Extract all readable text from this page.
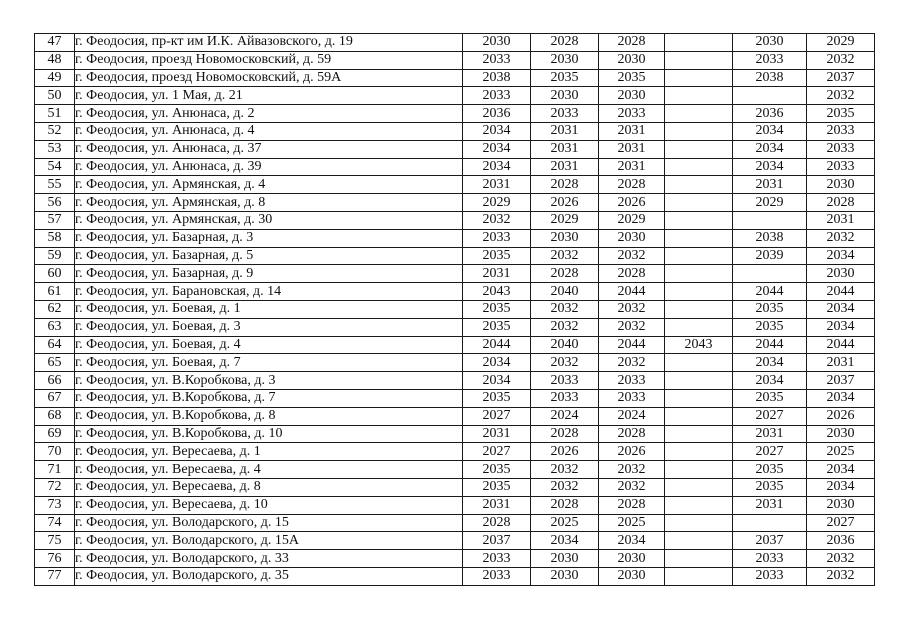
47	г. Феодосия, пр-кт им И.К. Айвазовского, д. 19	2030	2028	2028		2030	2029
48	г. Феодосия, проезд Новомосковский, д. 59	2033	2030	2030		2033	2032
49	г. Феодосия, проезд Новомосковский, д. 59А	2038	2035	2035		2038	2037
50	г. Феодосия, ул. 1 Мая, д. 21	2033	2030	2030			2032
51	г. Феодосия, ул. Анюнаса, д. 2	2036	2033	2033		2036	2035
52	г. Феодосия, ул. Анюнаса, д. 4	2034	2031	2031		2034	2033
53	г. Феодосия, ул. Анюнаса, д. 37	2034	2031	2031		2034	2033
54	г. Феодосия, ул. Анюнаса, д. 39	2034	2031	2031		2034	2033
55	г. Феодосия, ул. Армянская, д. 4	2031	2028	2028		2031	2030
56	г. Феодосия, ул. Армянская, д. 8	2029	2026	2026		2029	2028
57	г. Феодосия, ул. Армянская, д. 30	2032	2029	2029			2031
58	г. Феодосия, ул. Базарная, д. 3	2033	2030	2030		2038	2032
59	г. Феодосия, ул. Базарная, д. 5	2035	2032	2032		2039	2034
60	г. Феодосия, ул. Базарная, д. 9	2031	2028	2028			2030
61	г. Феодосия, ул. Барановская, д. 14	2043	2040	2044		2044	2044
62	г. Феодосия, ул. Боевая, д. 1	2035	2032	2032		2035	2034
63	г. Феодосия, ул. Боевая, д. 3	2035	2032	2032		2035	2034
64	г. Феодосия, ул. Боевая, д. 4	2044	2040	2044	2043	2044	2044
65	г. Феодосия, ул. Боевая, д. 7	2034	2032	2032		2034	2031
66	г. Феодосия, ул. В.Коробкова, д. 3	2034	2033	2033		2034	2037
67	г. Феодосия, ул. В.Коробкова, д. 7	2035	2033	2033		2035	2034
68	г. Феодосия, ул. В.Коробкова, д. 8	2027	2024	2024		2027	2026
69	г. Феодосия, ул. В.Коробкова, д. 10	2031	2028	2028		2031	2030
70	г. Феодосия, ул. Вересаева, д. 1	2027	2026	2026		2027	2025
71	г. Феодосия, ул. Вересаева, д. 4	2035	2032	2032		2035	2034
72	г. Феодосия, ул. Вересаева, д. 8	2035	2032	2032		2035	2034
73	г. Феодосия, ул. Вересаева, д. 10	2031	2028	2028		2031	2030
74	г. Феодосия, ул. Володарского, д. 15	2028	2025	2025			2027
75	г. Феодосия, ул. Володарского, д. 15А	2037	2034	2034		2037	2036
76	г. Феодосия, ул. Володарского, д. 33	2033	2030	2030		2033	2032
77	г. Феодосия, ул. Володарского, д. 35	2033	2030	2030		2033	2032
